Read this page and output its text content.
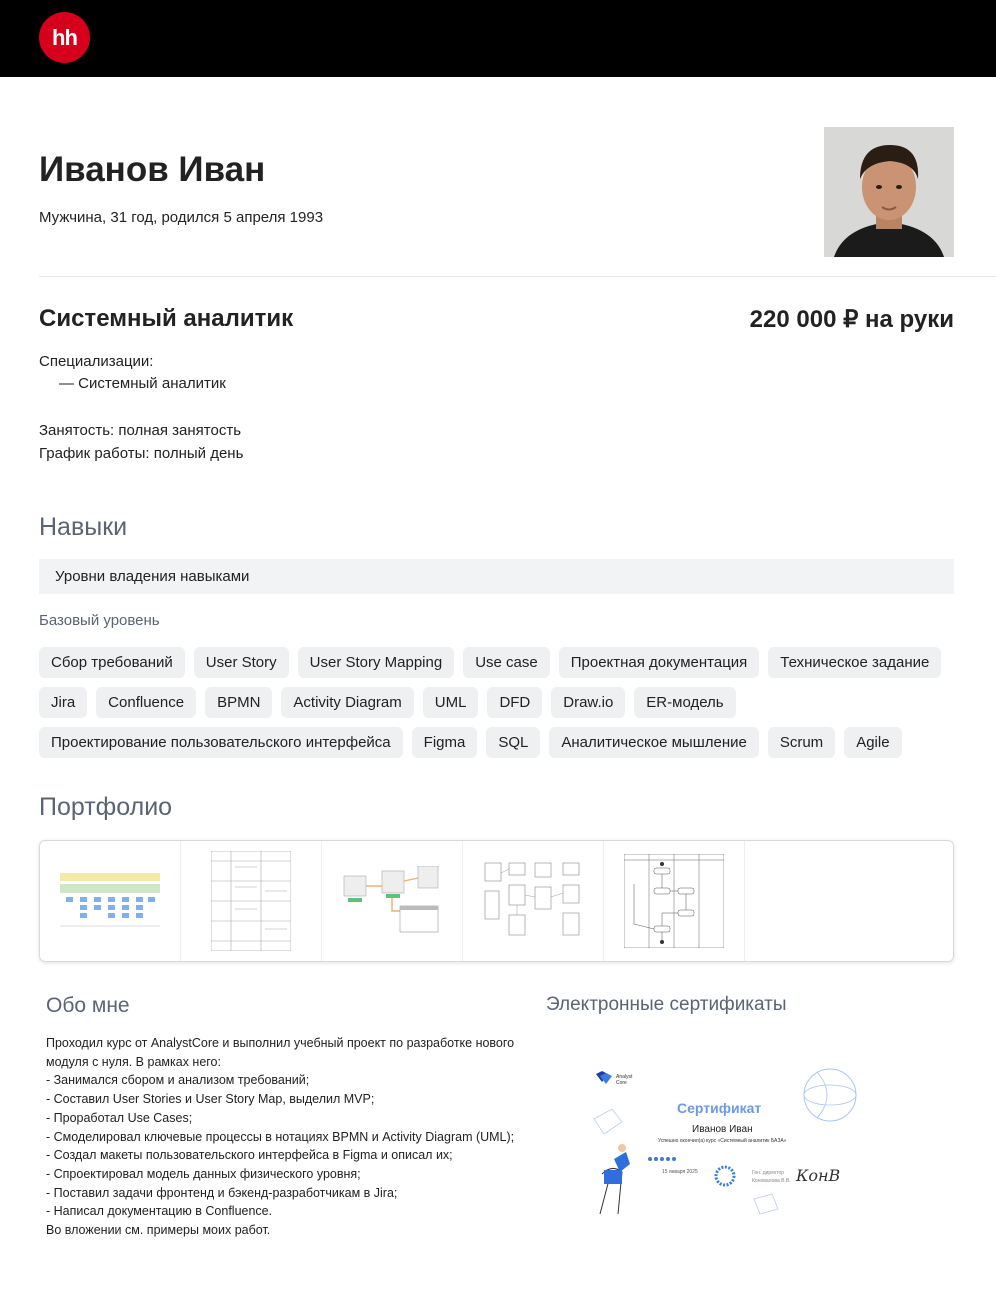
hh
Иванов Иван
Мужчина, 31 год, родился 5 апреля 1993
Системный аналитик	220 000 ₽ на руки
Специализации:
— Системный аналитик
Занятость: полная занятость
График работы: полный день
Навыки
Уровни владения навыками
Базовый уровень
Сбор требований	User Story	User Story Mapping	Use case	Проектная документация	Техническое задание
Jira	Confluence	BPMN	Activity Diagram	UML	DFD	Draw.io	ER-модель
Проектирование пользовательского интерфейса	Figma	SQL	Аналитическое мышление	Scrum	Agile
Портфолио
Обо мне
Проходил курс от AnalystCore и выполнил учебный проект по разработке нового модуля с нуля. В рамках него:
- Занимался сбором и анализом требований;
- Составил User Stories и User Story Map, выделил MVP;
- Проработал Use Cases;
- Смоделировал ключевые процессы в нотациях BPMN и Activity Diagram (UML);
- Создал макеты пользовательского интерфейса в Figma и описал их;
- Спроектировал модель данных физического уровня;
- Поставил задачи фронтенд и бэкенд-разработчикам в Jira;
- Написал документацию в Confluence.
Во вложении см. примеры моих работ.
Электронные сертификаты
Analyst
Core
Сертификат
Иванов Иван
Успешно окончил(а) курс «Системный аналитик БАЗА»
15 января 2025	Ген. директор
Коновалова В.В. КонВ
